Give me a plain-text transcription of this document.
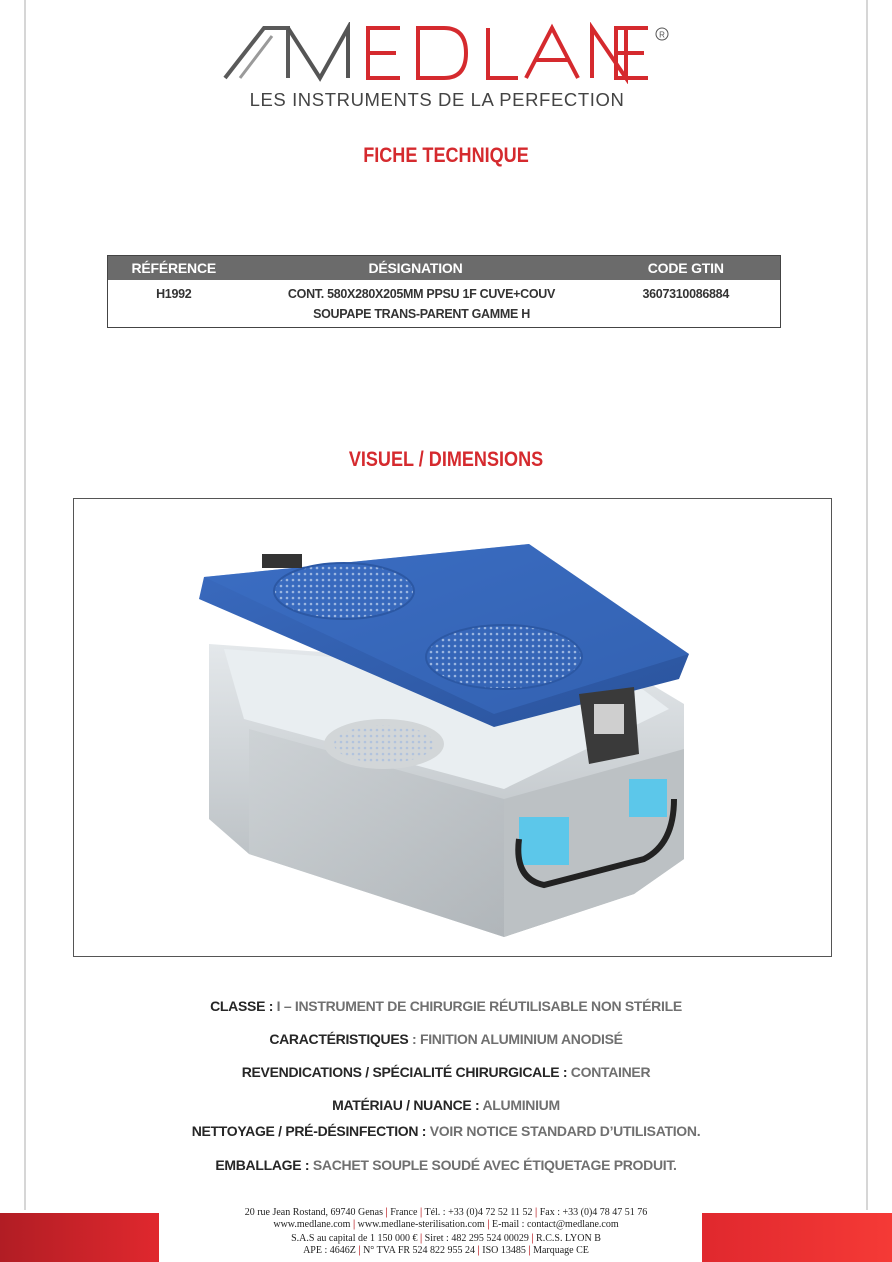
R
LES INSTRUMENTS DE LA PERFECTION
FICHE TECHNIQUE
RÉFÉRENCE	DÉSIGNATION	CODE GTIN
H1992	CONT. 580X280X205MM PPSU 1F CUVE+COUV SOUPAPE TRANS-PARENT GAMME H	3607310086884
VISUEL / DIMENSIONS
CLASSE : I – INSTRUMENT DE CHIRURGIE RÉUTILISABLE NON STÉRILE
CARACTÉRISTIQUES : FINITION ALUMINIUM ANODISÉ
REVENDICATIONS / SPÉCIALITÉ CHIRURGICALE : CONTAINER
MATÉRIAU / NUANCE : ALUMINIUM
NETTOYAGE / PRÉ-DÉSINFECTION : VOIR NOTICE STANDARD D’UTILISATION.
EMBALLAGE : SACHET SOUPLE SOUDÉ AVEC ÉTIQUETAGE PRODUIT.
20 rue Jean Rostand, 69740 Genas | France | Tél. : +33 (0)4 72 52 11 52 | Fax : +33 (0)4 78 47 51 76
www.medlane.com | www.medlane-sterilisation.com | E-mail : contact@medlane.com
S.A.S au capital de 1 150 000 € | Siret : 482 295 524 00029 | R.C.S. LYON B
APE : 4646Z | N° TVA FR 524 822 955 24 | ISO 13485 | Marquage CE
